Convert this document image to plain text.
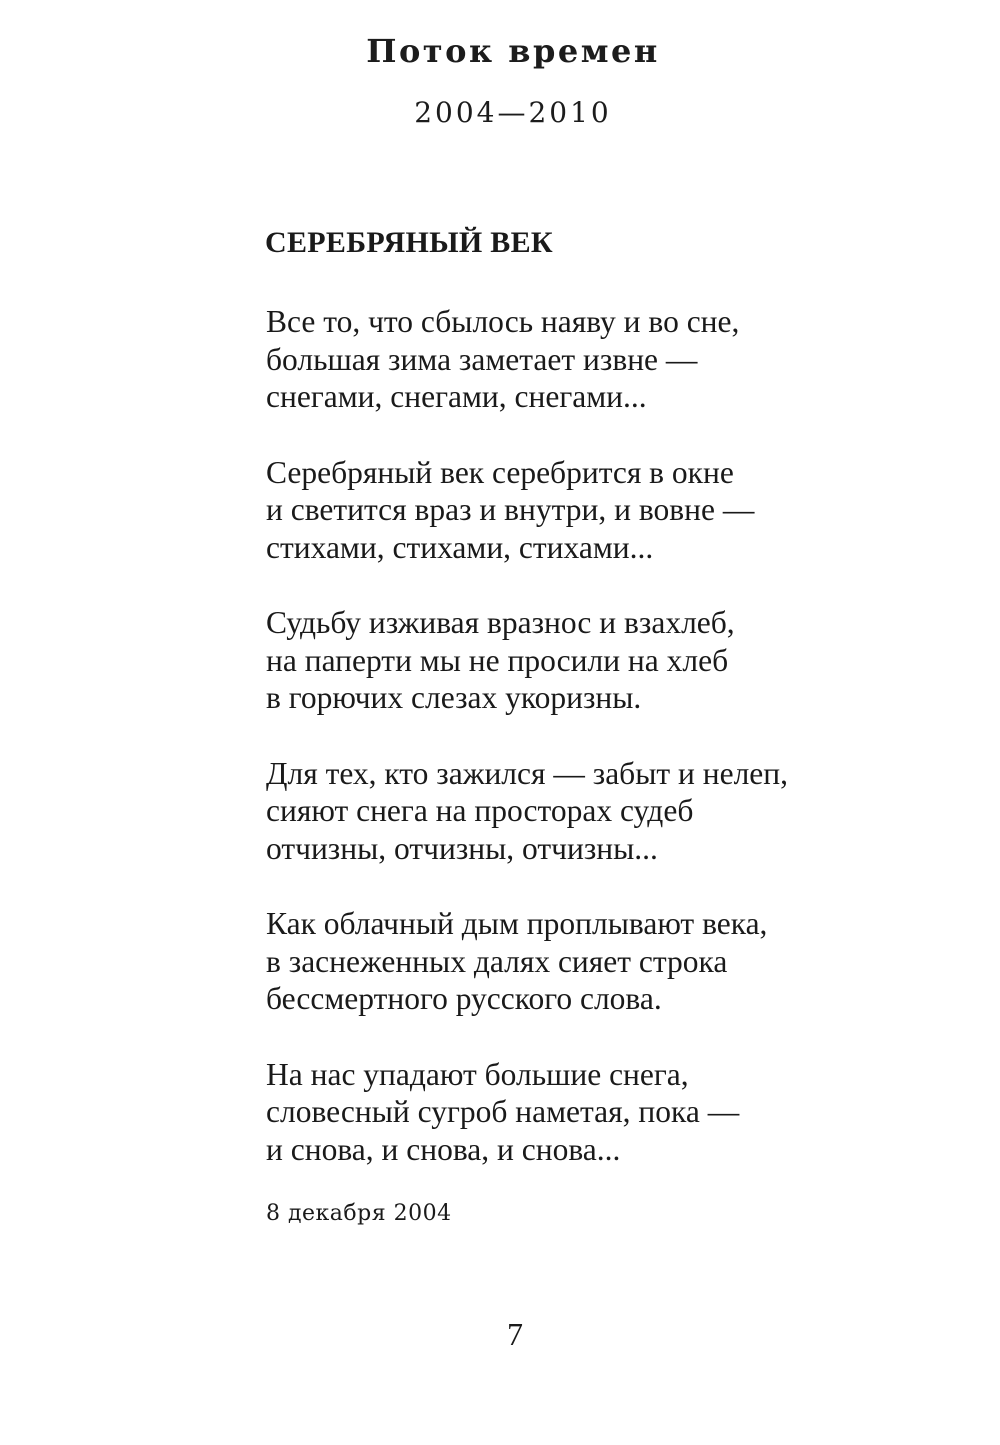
Поток времен
2004—2010
СЕРЕБРЯНЫЙ ВЕК
Все то, что сбылось наяву и во сне,
большая зима заметает извне —
снегами, снегами, снегами...
Серебряный век серебрится в окне
и светится враз и внутри, и вовне —
стихами, стихами, стихами...
Судьбу изживая вразнос и взахлеб,
на паперти мы не просили на хлеб
в горючих слезах укоризны.
Для тех, кто зажился — забыт и нелеп,
сияют снега на просторах судеб
отчизны, отчизны, отчизны...
Как облачный дым проплывают века,
в заснеженных далях сияет строка
бессмертного русского слова.
На нас упадают большие снега,
словесный сугроб наметая, пока —
и снова, и снова, и снова...
8 декабря 2004
7
